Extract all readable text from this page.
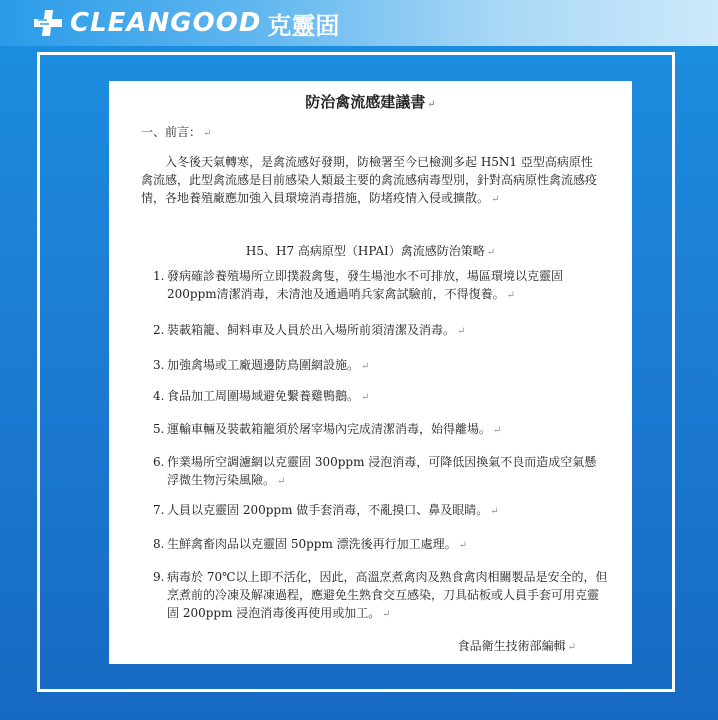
CLEANGOOD 克靈固
防治禽流感建議書 ↵
一、前言： ↵

入冬後天氣轉寒，是禽流感好發期，防檢署至今已檢測多起 H5N1 亞型高病原性禽流感，此型禽流感是目前感染人類最主要的禽流感病毒型別，針對高病原性禽流感疫情，各地養殖廠應加強入員環境消毒措施，防堵疫情入侵或擴散。 ↵

H5、H7 高病原型（HPAI）禽流感防治策略 ↵
1. 發病確診養殖場所立即撲殺禽隻，發生場池水不可排放，場區環境以克靈固200ppm清潔消毒，未清池及通過哨兵家禽試驗前，不得復養。 ↵
2. 裝載箱籠、飼料車及人員於出入場所前須清潔及消毒。 ↵
3. 加強禽場或工廠週邊防鳥圍網設施。 ↵
4. 食品加工周圍場域避免繫養雞鴨鵝。 ↵
5. 運輸車輛及裝載箱籠須於屠宰場內完成清潔消毒，始得離場。 ↵
6. 作業場所空調濾網以克靈固 300ppm 浸泡消毒，可降低因換氣不良而造成空氣懸浮微生物污染風險。 ↵
7. 人員以克靈固 200ppm 做手套消毒，不亂摸口、鼻及眼睛。 ↵
8. 生鮮禽畜肉品以克靈固 50ppm 漂洗後再行加工處理。 ↵
9. 病毒於 70℃以上即不活化，因此，高溫烹煮禽肉及熟食禽肉相關製品是安全的，但烹煮前的冷凍及解凍過程，應避免生熟食交互感染，刀具砧板或人員手套可用克靈固 200ppm 浸泡消毒後再使用或加工。 ↵
食品衛生技術部編輯 ↵
